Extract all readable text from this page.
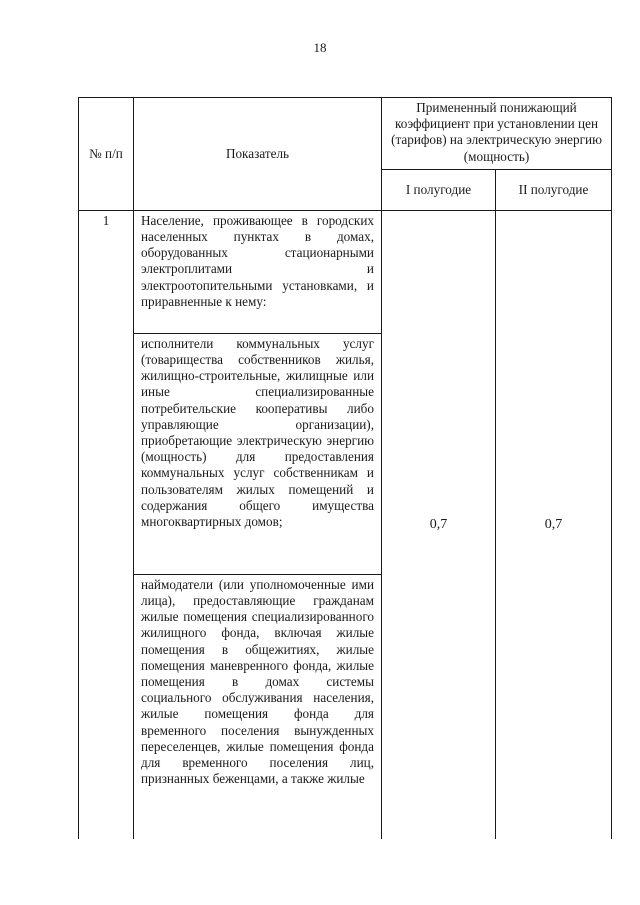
18
№ п/п	Показатель	Примененный понижающий коэффициент при установлении цен (тарифов) на электрическую энергию (мощность)	
		I полугодие	II полугодие
1	Население, проживающее в городских населенных пунктах в домах, оборудованных стационарными электроплитами и электроотопительными установками, и приравненные к нему:	0,7	0,7
	исполнители коммунальных услуг (товарищества собственников жилья, жилищно-строительные, жилищные или иные специализированные потребительские кооперативы либо управляющие организации), приобретающие электрическую энергию (мощность) для предоставления коммунальных услуг собственникам и пользователям жилых помещений и содержания общего имущества многоквартирных домов;		
	наймодатели (или уполномоченные ими лица), предоставляющие гражданам жилые помещения специализированного жилищного фонда, включая жилые помещения в общежитиях, жилые помещения маневренного фонда, жилые помещения в домах системы социального обслуживания населения, жилые помещения фонда для временного поселения вынужденных переселенцев, жилые помещения фонда для временного поселения лиц, признанных беженцами, а также жилые		
